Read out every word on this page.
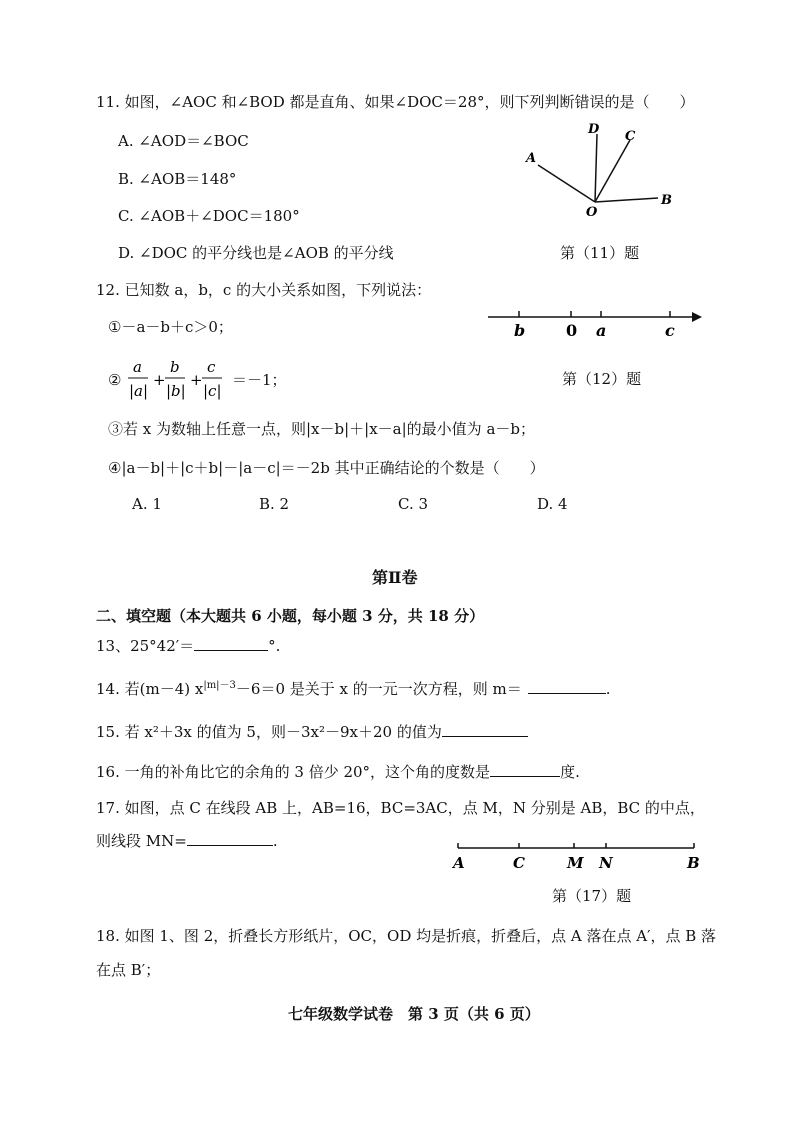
11. 如图，∠AOC 和∠BOD 都是直角、如果∠DOC＝28°，则下列判断错误的是（　　）
A. ∠AOD＝∠BOC
B. ∠AOB＝148°
C. ∠AOB＋∠DOC＝180°
D. ∠DOC 的平分线也是∠AOB 的平分线
D C
A
O
B
第（11）题
12. 已知数 a，b，c 的大小关系如图，下列说法：
①－a－b＋c＞0；
②
a
|a|
+
b
|b|
+
c
|c|
＝－1；
b	0 a	c
第（12）题
③若 x 为数轴上任意一点，则|x－b|＋|x－a|的最小值为 a－b；
④|a－b|＋|c＋b|－|a－c|＝－2b 其中正确结论的个数是（　　）
A. 1	B. 2	C. 3	D. 4
第Ⅱ卷
二、填空题（本大题共 6 小题，每小题 3 分，共 18 分）
13、25°42′＝	°.
14. 若(m－4) $x^{|m|-3}-6=0$ 是关于 x 的一元一次方程，则 m＝	.
15. 若 x²＋3x 的值为 5，则－3x²－9x＋20 的值为
16. 一角的补角比它的余角的 3 倍少 20°，这个角的度数是	度.
17. 如图，点 C 在线段 AB 上，AB=16，BC=3AC，点 M，N 分别是 AB，BC 的中点，
则线段 MN=	.
A	C	M N	B
第（17）题
18. 如图 1、图 2，折叠长方形纸片，OC，OD 均是折痕，折叠后，点 A 落在点 A′，点 B 落
在点 B′；
七年级数学试卷　第 3 页（共 6 页）
